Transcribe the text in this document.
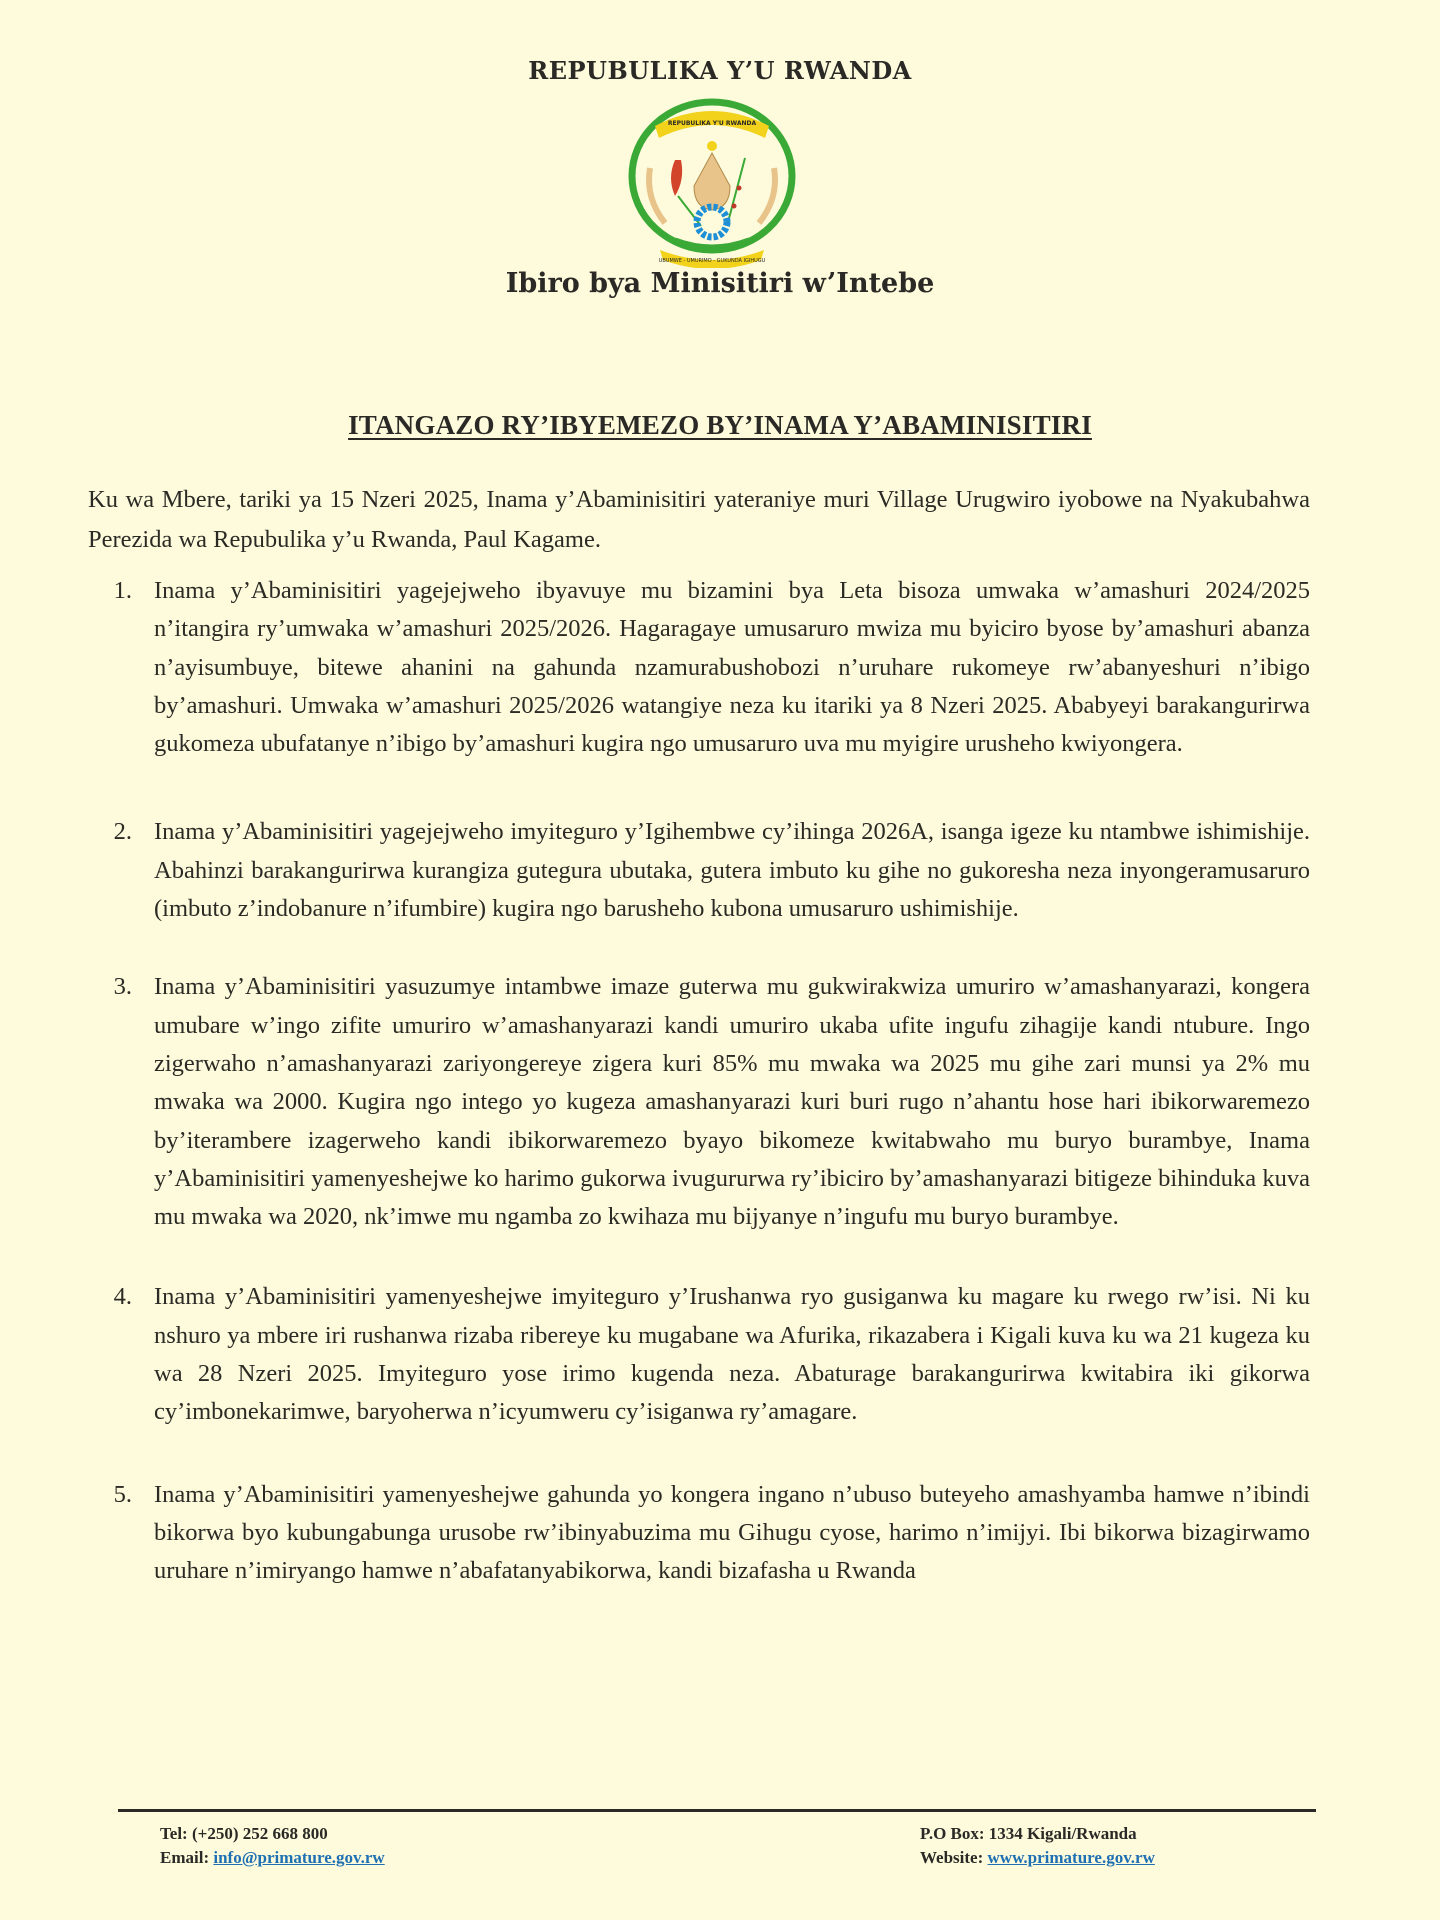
REPUBULIKA Y’U RWANDA
REPUBULIKA Y'U RWANDA
UBUMWE - UMURIMO - GUKUNDA IGIHUGU
Ibiro bya Minisitiri w’Intebe
ITANGAZO RY’IBYEMEZO BY’INAMA Y’ABAMINISITIRI

Ku wa Mbere, tariki ya 15 Nzeri 2025, Inama y’Abaminisitiri yateraniye muri Village Urugwiro iyobowe na Nyakubahwa Perezida wa Repubulika y’u Rwanda, Paul Kagame.

1. Inama y’Abaminisitiri yagejejweho ibyavuye mu bizamini bya Leta bisoza umwaka w’amashuri 2024/2025 n’itangira ry’umwaka w’amashuri 2025/2026. Hagaragaye umusaruro mwiza mu byiciro byose by’amashuri abanza n’ayisumbuye, bitewe ahanini na gahunda nzamurabushobozi n’uruhare rukomeye rw’abanyeshuri n’ibigo by’amashuri. Umwaka w’amashuri 2025/2026 watangiye neza ku itariki ya 8 Nzeri 2025. Ababyeyi barakangurirwa gukomeza ubufatanye n’ibigo by’amashuri kugira ngo umusaruro uva mu myigire urusheho kwiyongera.
2. Inama y’Abaminisitiri yagejejweho imyiteguro y’Igihembwe cy’ihinga 2026A, isanga igeze ku ntambwe ishimishije. Abahinzi barakangurirwa kurangiza gutegura ubutaka, gutera imbuto ku gihe no gukoresha neza inyongeramusaruro (imbuto z’indobanure n’ifumbire) kugira ngo barusheho kubona umusaruro ushimishije.
3. Inama y’Abaminisitiri yasuzumye intambwe imaze guterwa mu gukwirakwiza umuriro w’amashanyarazi, kongera umubare w’ingo zifite umuriro w’amashanyarazi kandi umuriro ukaba ufite ingufu zihagije kandi ntubure. Ingo zigerwaho n’amashanyarazi zariyongereye zigera kuri 85% mu mwaka wa 2025 mu gihe zari munsi ya 2% mu mwaka wa 2000. Kugira ngo intego yo kugeza amashanyarazi kuri buri rugo n’ahantu hose hari ibikorwaremezo by’iterambere izagerweho kandi ibikorwaremezo byayo bikomeze kwitabwaho mu buryo burambye, Inama y’Abaminisitiri yamenyeshejwe ko harimo gukorwa ivugururwa ry’ibiciro by’amashanyarazi bitigeze bihinduka kuva mu mwaka wa 2020, nk’imwe mu ngamba zo kwihaza mu bijyanye n’ingufu mu buryo burambye.
4. Inama y’Abaminisitiri yamenyeshejwe imyiteguro y’Irushanwa ryo gusiganwa ku magare ku rwego rw’isi. Ni ku nshuro ya mbere iri rushanwa rizaba ribereye ku mugabane wa Afurika, rikazabera i Kigali kuva ku wa 21 kugeza ku wa 28 Nzeri 2025. Imyiteguro yose irimo kugenda neza. Abaturage barakangurirwa kwitabira iki gikorwa cy’imbonekarimwe, baryoherwa n’icyumweru cy’isiganwa ry’amagare.
5. Inama y’Abaminisitiri yamenyeshejwe gahunda yo kongera ingano n’ubuso buteyeho amashyamba hamwe n’ibindi bikorwa byo kubungabunga urusobe rw’ibinyabuzima mu Gihugu cyose, harimo n’imijyi. Ibi bikorwa bizagirwamo uruhare n’imiryango hamwe n’abafatanyabikorwa, kandi bizafasha u Rwanda
Tel: (+250) 252 668 800
Email: info@primature.gov.rw
P.O Box: 1334 Kigali/Rwanda
Website: www.primature.gov.rw
